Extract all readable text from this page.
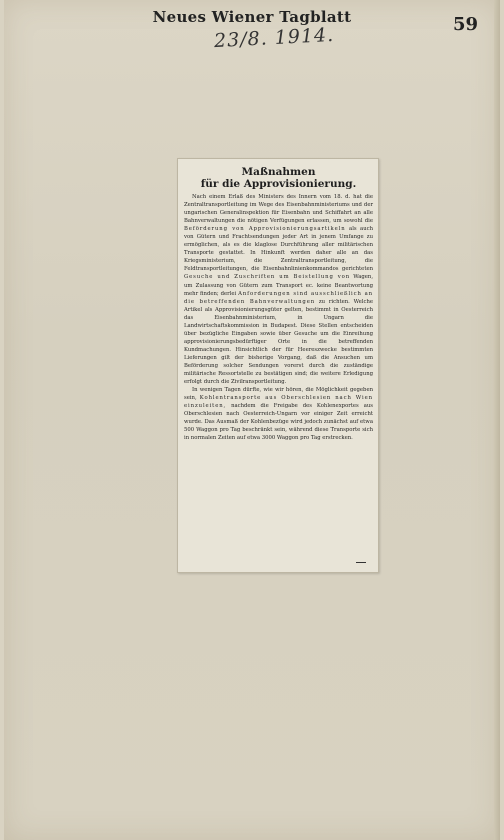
Neues Wiener Tagblatt	59
23/8. 1914.
Maßnahmen
für die Approvisionierung.

Nach einem Erlaß des Ministers des Innern vom 18. d. hat die Zentraltransportleitung im Wege des Eisenbahnministeriums und der ungarischen Generalinspektion für Eisenbahn und Schiffahrt an alle Bahnverwaltungen die nötigen Verfügungen erlassen, um sowohl die Beförderung von Approvisionierungsartikeln als auch von Gütern und Frachtsendungen jeder Art in jenem Umfange zu ermöglichen, als es die klaglose Durchführung aller militärischen Transporte gestattet. In Hinkunft werden daher alle an das Kriegsministerium, die Zentraltransportleitung, die Feldtransportleitungen, die Eisenbahnlinienkommandos gerichteten Gesuche und Zuschriften um Beistellung von Wagen, um Zulassung von Gütern zum Transport ec. keine Beantwortung mehr finden; derlei Anforderungen sind ausschließlich an die betreffenden Bahnverwaltungen zu richten. Welche Artikel als Approvisionierungsgüter gelten, bestimmt in Oesterreich das Eisenbahnministerium, in Ungarn die Landwirtschaftskommission in Budapest. Diese Stellen entscheiden über bezügliche Eingaben sowie über Gesuche um die Einreihung approvisionierungsbedürftiger Orte in die betreffenden Kundmachungen. Hinsichtlich der für Heereszwecke bestimmten Lieferungen gilt der bisherige Vorgang, daß die Ansuchen um Beförderung solcher Sendungen vorerst durch die zuständige militärische Ressortstelle zu bestätigen sind; die weitere Erledigung erfolgt durch die Zivilransportleitung.

In wenigen Tagen dürfte, wie wir hören, die Möglichkeit gegeben sein, Kohlentransporte aus Oberschlesien nach Wien einzuleiten, nachdem die Freigabe des Kohlenexportes aus Oberschlesien nach Oesterreich-Ungarn vor einiger Zeit erreicht wurde. Das Ausmaß der Kohlenbezüge wird jedoch zunächst auf etwa 500 Waggon pro Tag beschränkt sein, während diese Transporte sich in normalen Zeiten auf etwa 3000 Waggon pro Tag erstrecken.
